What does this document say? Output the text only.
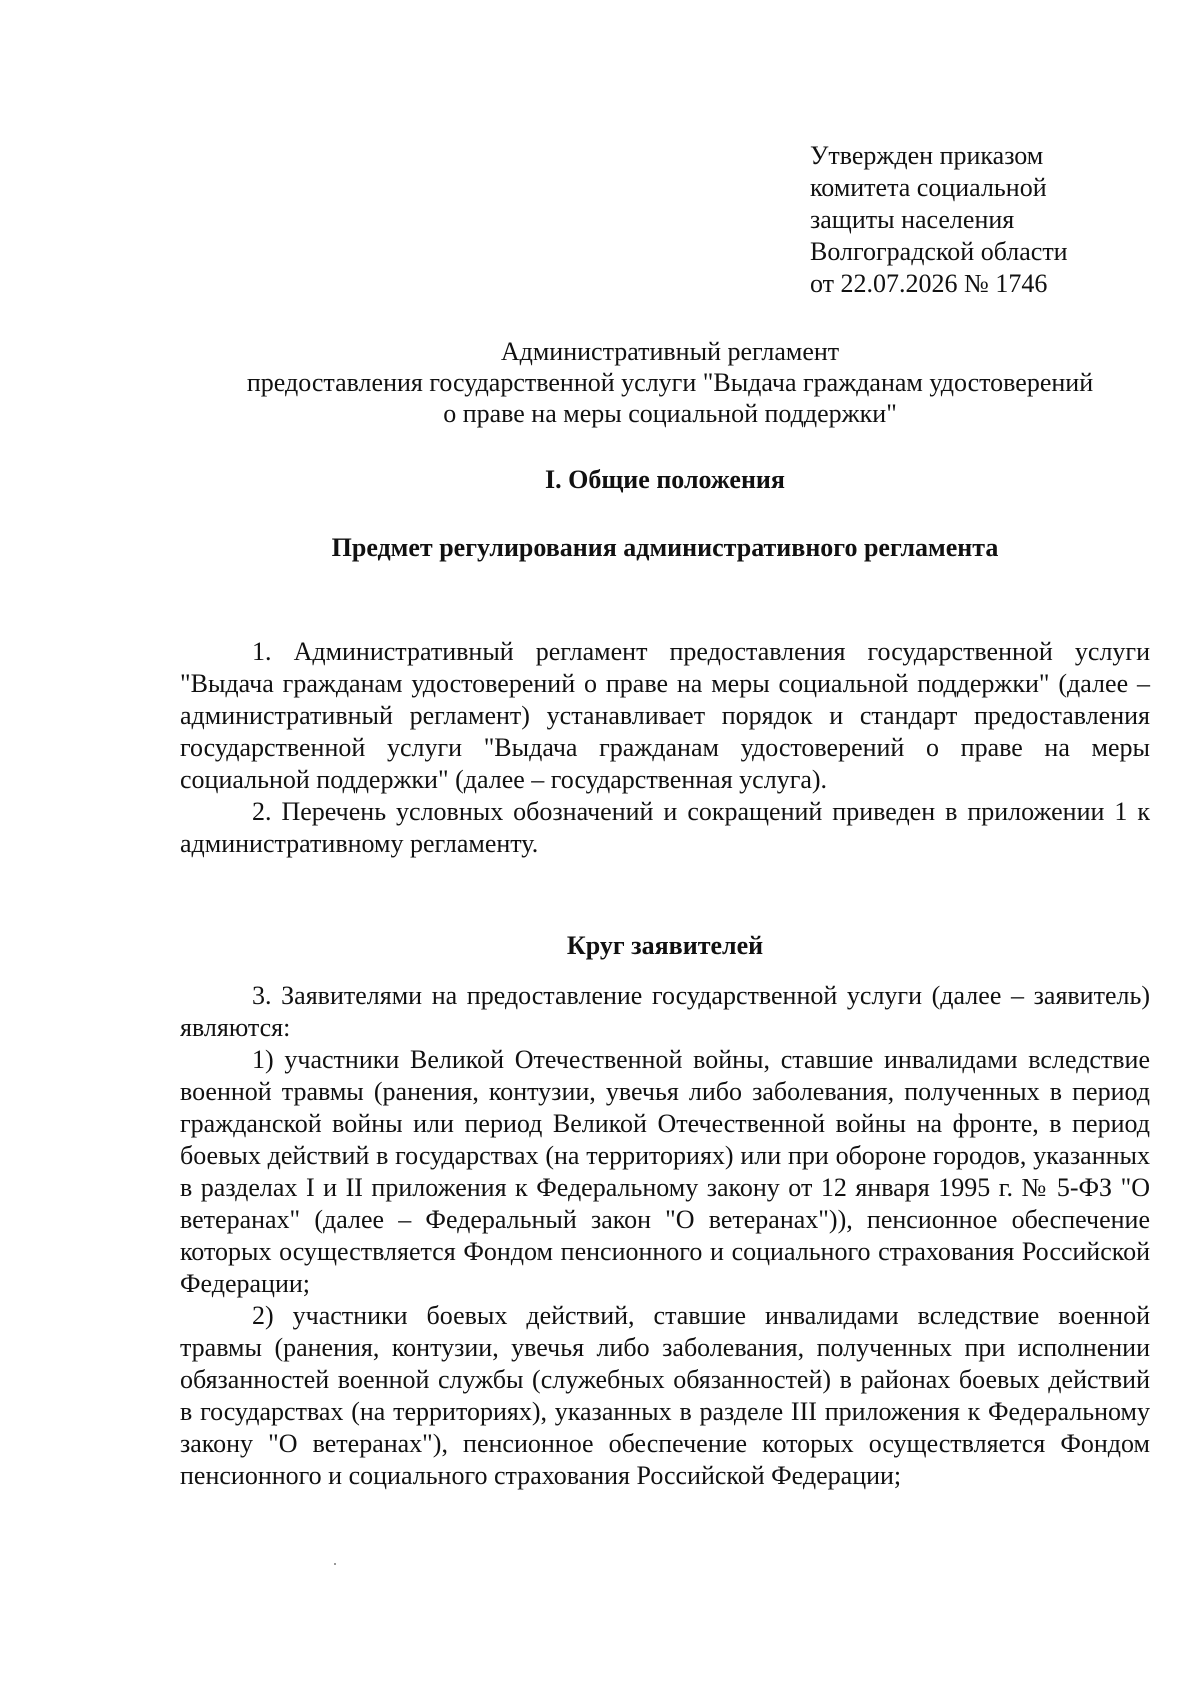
Утвержден приказом
комитета социальной
защиты населения
Волгоградской области
от 22.07.2026 № 1746
Административный регламент
предоставления государственной услуги "Выдача гражданам удостоверений
о праве на меры социальной поддержки"
I. Общие положения
Предмет регулирования административного регламента

1. Административный регламент предоставления государственной услуги "Выдача гражданам удостоверений о праве на меры социальной поддержки" (далее – административный регламент) устанавливает порядок и стандарт предоставления государственной услуги "Выдача гражданам удостоверений о праве на меры социальной поддержки" (далее – государственная услуга).

2. Перечень условных обозначений и сокращений приведен в приложении 1 к административному регламенту.

Круг заявителей

3. Заявителями на предоставление государственной услуги (далее – заявитель) являются:

1) участники Великой Отечественной войны, ставшие инвалидами вследствие военной травмы (ранения, контузии, увечья либо заболевания, полученных в период гражданской войны или период Великой Отечественной войны на фронте, в период боевых действий в государствах (на территориях) или при обороне городов, указанных в разделах I и II приложения к Федеральному закону от 12 января 1995 г. № 5-ФЗ "О ветеранах" (далее – Федеральный закон "О ветеранах")), пенсионное обеспечение которых осуществляется Фондом пенсионного и социального страхования Российской Федерации;

2) участники боевых действий, ставшие инвалидами вследствие военной травмы (ранения, контузии, увечья либо заболевания, полученных при исполнении обязанностей военной службы (служебных обязанностей) в районах боевых действий в государствах (на территориях), указанных в разделе III приложения к Федеральному закону "О ветеранах"), пенсионное обеспечение которых осуществляется Фондом пенсионного и социального страхования Российской Федерации;
